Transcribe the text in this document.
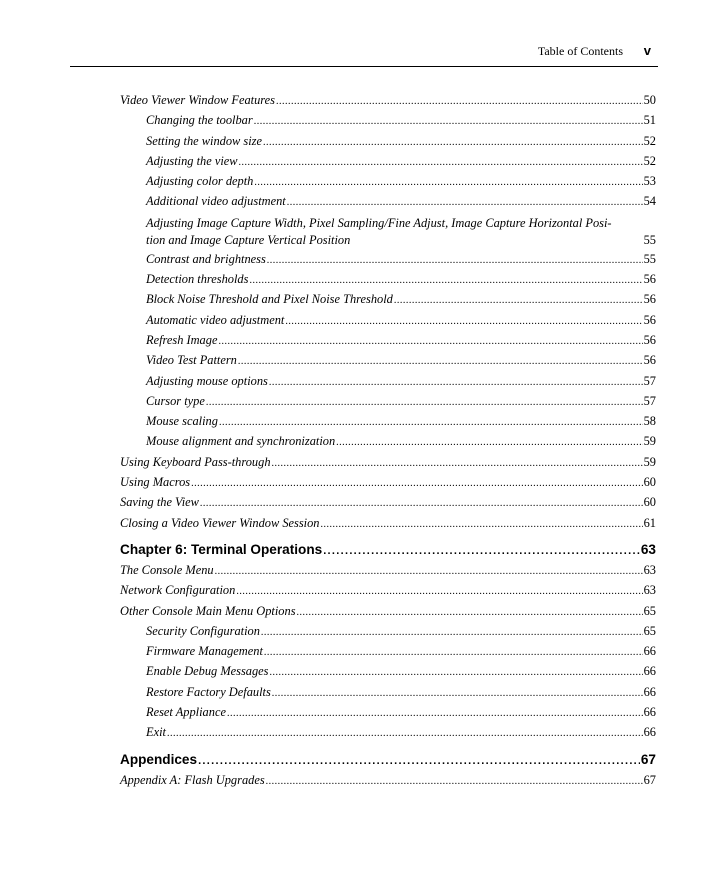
Table of Contents v
Video Viewer Window Features .....	50
Changing the toolbar .....	51
Setting the window size .....	52
Adjusting the view .....	52
Adjusting color depth .....	53
Additional video adjustment .....	54
Adjusting Image Capture Width, Pixel Sampling/Fine Adjust, Image Capture Horizontal Posi-
tion and Image Capture Vertical Position	55
Contrast and brightness .....	55
Detection thresholds .....	56
Block Noise Threshold and Pixel Noise Threshold .....	56
Automatic video adjustment .....	56
Refresh Image .....	56
Video Test Pattern .....	56
Adjusting mouse options .....	57
Cursor type .....	57
Mouse scaling .....	58
Mouse alignment and synchronization .....	59
Using Keyboard Pass-through .....	59
Using Macros .....	60
Saving the View .....	60
Closing a Video Viewer Window Session .....	61
Chapter 6: Terminal Operations .....	63
The Console Menu .....	63
Network Configuration .....	63
Other Console Main Menu Options .....	65
Security Configuration .....	65
Firmware Management .....	66
Enable Debug Messages .....	66
Restore Factory Defaults .....	66
Reset Appliance .....	66
Exit .....	66
Appendices .....	67
Appendix A: Flash Upgrades .....	67
